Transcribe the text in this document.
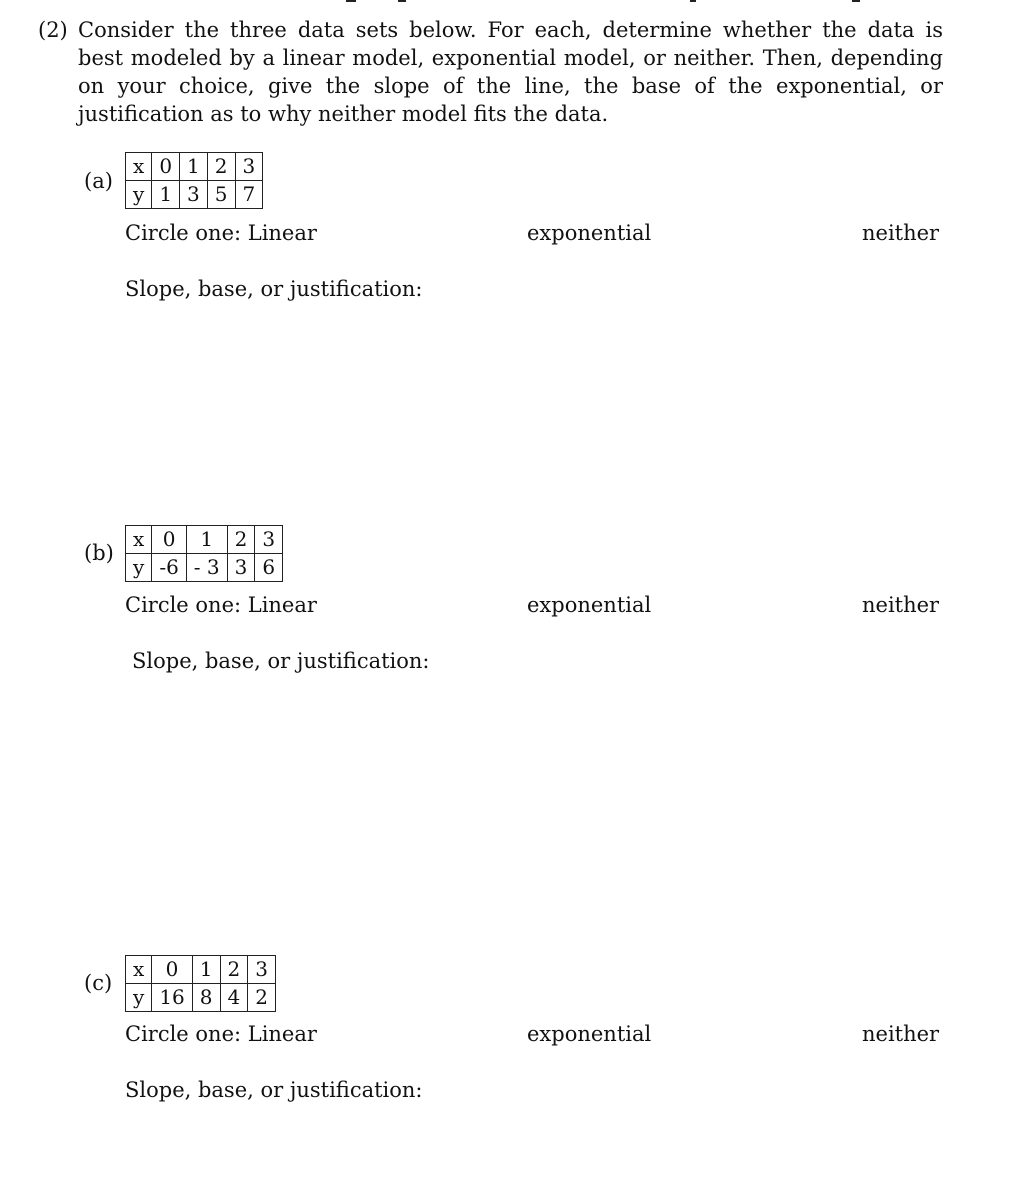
(2) Consider the three data sets below. For each, determine whether the data is best modeled by a linear model, exponential model, or neither. Then, depending on your choice, give the slope of the line, the base of the exponential, or justification as to why neither model fits the data.
(a)
x	0	1	2	3
y	1	3	5	7
Circle one: Linear	exponential	neither
Slope, base, or justification:
(b)
x	0	1	2	3
y	-6	- 3	3	6
Circle one: Linear	exponential	neither
Slope, base, or justification:
(c)
x	0	1	2	3
y	16	8	4	2
Circle one: Linear	exponential	neither
Slope, base, or justification:
